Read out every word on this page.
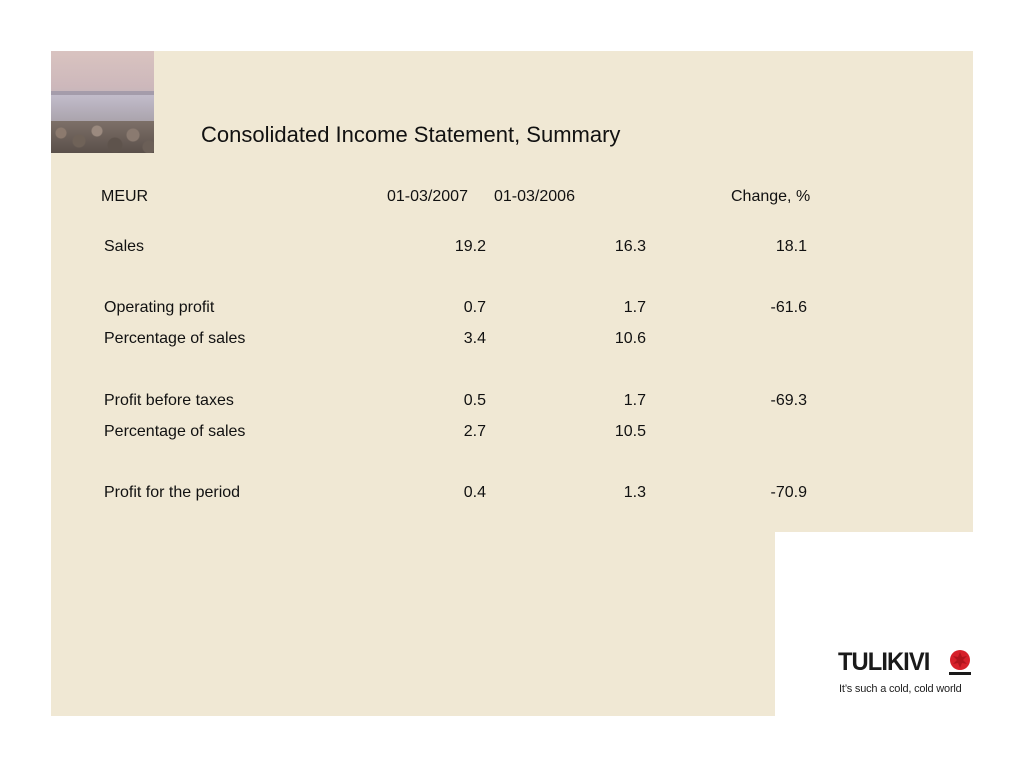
Consolidated Income Statement, Summary
MEUR	01-03/2007 01-03/2006	Change, %
Sales	19.2	16.3	18.1
Operating profit	0.7	1.7	-61.6
Percentage of sales	3.4	10.6
Profit before taxes	0.5	1.7	-69.3
Percentage of sales	2.7	10.5
Profit for the period	0.4	1.3	-70.9
TULIKIVI
It’s such a cold, cold world
